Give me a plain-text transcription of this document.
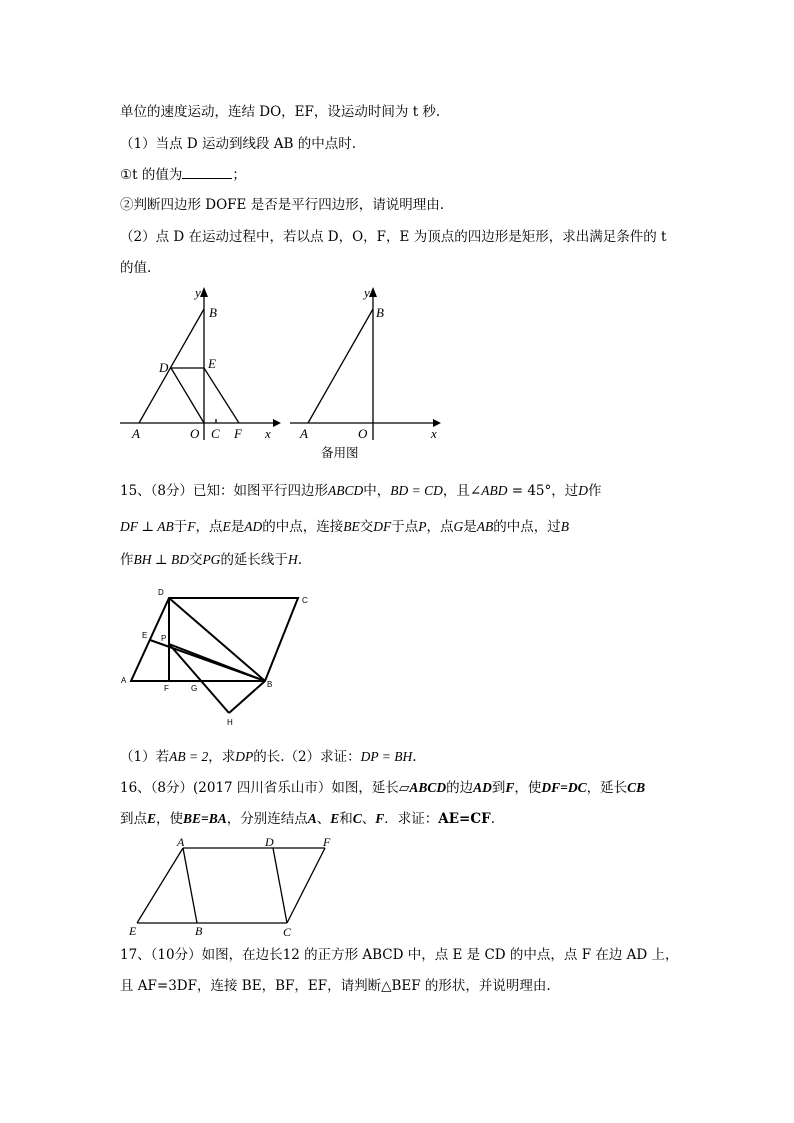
单位的速度运动，连结 DO，EF，设运动时间为 t 秒.
（1）当点 D 运动到线段 AB 的中点时.
①t 的值为	；
②判断四边形 DOFE 是否是平行四边形，请说明理由.
（2）点 D 在运动过程中，若以点 D，O，F，E 为顶点的四边形是矩形，求出满足条件的 t
的值.
y
B
D	E
A	O C F x
y
B
A	O	x
备用图
15、（8分）已知：如图平行四边形ABCD中，BD = CD，且∠ABD = 45°，过D作
DF ⊥ AB于F，点E是AD的中点，连接BE交DF于点P，点G是AB的中点，过B
作BH ⊥ BD交PG的延长线于H.
D
C
E P
A
F	G	B
H
（1）若AB = 2，求DP的长.（2）求证：DP = BH.
16、（8分）(2017 四川省乐山市）如图，延长▱ABCD的边AD到F，使DF=DC，延长CB
到点E，使BE=BA，分别连结点A、E和C、F．求证：AE=CF.
A	D	F
E	B	C
17、（10分）如图，在边长12 的正方形 ABCD 中，点 E 是 CD 的中点，点 F 在边 AD 上，
且 AF=3DF，连接 BE，BF，EF，请判断△BEF 的形状，并说明理由.
